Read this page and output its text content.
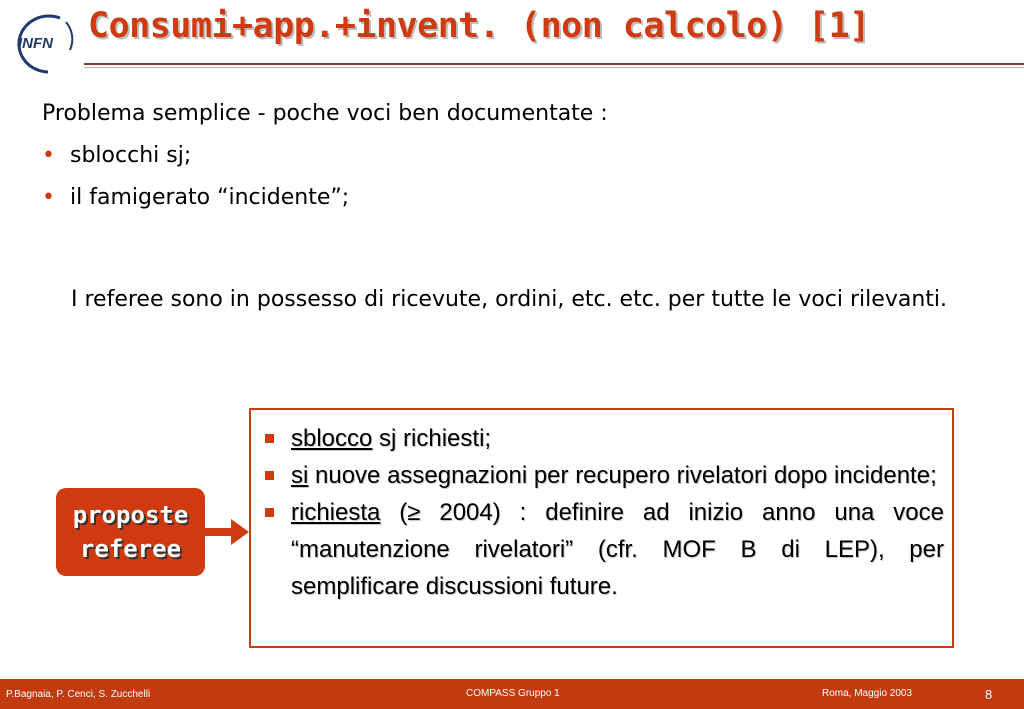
INFN Consumi+app.+invent. (non calcolo) [1]
Problema semplice - poche voci ben documentate :
• sblocchi sj;
• il famigerato “incidente”;
I referee sono in possesso di ricevute, ordini, etc. etc. per tutte le voci rilevanti.
proposte
referee
sblocco sj richiesti;
si nuove assegnazioni per recupero rivelatori dopo incidente;
richiesta (≥ 2004) : definire ad inizio anno una voce “manutenzione rivelatori” (cfr. MOF B di LEP), per semplificare discussioni future.
P.Bagnaia, P. Cenci, S. Zucchelli	COMPASS Gruppo 1	Roma, Maggio 2003	8
